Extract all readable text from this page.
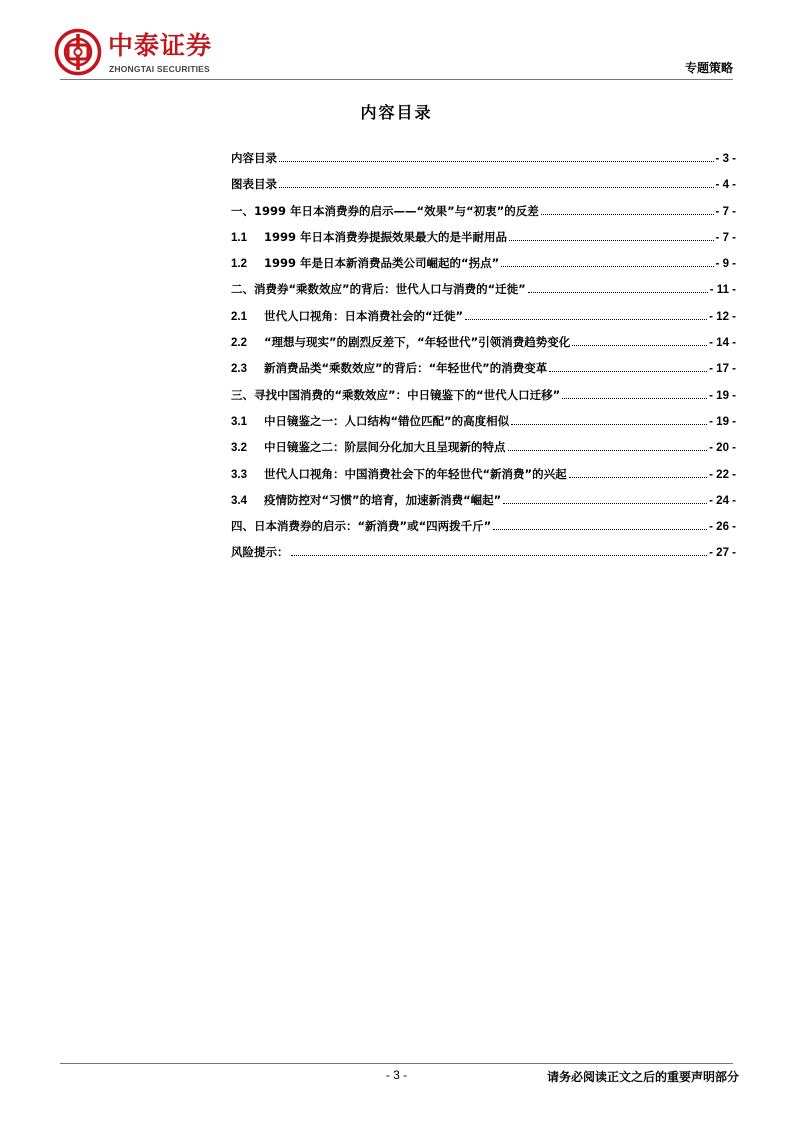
中泰证券
ZHONGTAI SECURITIES	专题策略
内容目录
内容目录	- 3 -
图表目录	- 4 -
一、1999 年日本消费券的启示——“效果”与“初衷”的反差	- 7 -
1.1	1999 年日本消费券提振效果最大的是半耐用品	- 7 -
1.2	1999 年是日本新消费品类公司崛起的“拐点”	- 9 -
二、消费券“乘数效应”的背后：世代人口与消费的“迁徙”	- 11 -
2.1	世代人口视角：日本消费社会的“迁徙”	- 12 -
2.2	“理想与现实”的剧烈反差下，“年轻世代”引领消费趋势变化	- 14 -
2.3	新消费品类“乘数效应”的背后：“年轻世代”的消费变革	- 17 -
三、寻找中国消费的“乘数效应”：中日镜鉴下的“世代人口迁移”	- 19 -
3.1	中日镜鉴之一：人口结构“错位匹配”的高度相似	- 19 -
3.2	中日镜鉴之二：阶层间分化加大且呈现新的特点	- 20 -
3.3	世代人口视角：中国消费社会下的年轻世代“新消费”的兴起	- 22 -
3.4	疫情防控对“习惯”的培育，加速新消费“崛起”	- 24 -
四、日本消费券的启示：“新消费”或“四两拨千斤”	- 26 -
风险提示：	- 27 -
- 3 -	请务必阅读正文之后的重要声明部分
